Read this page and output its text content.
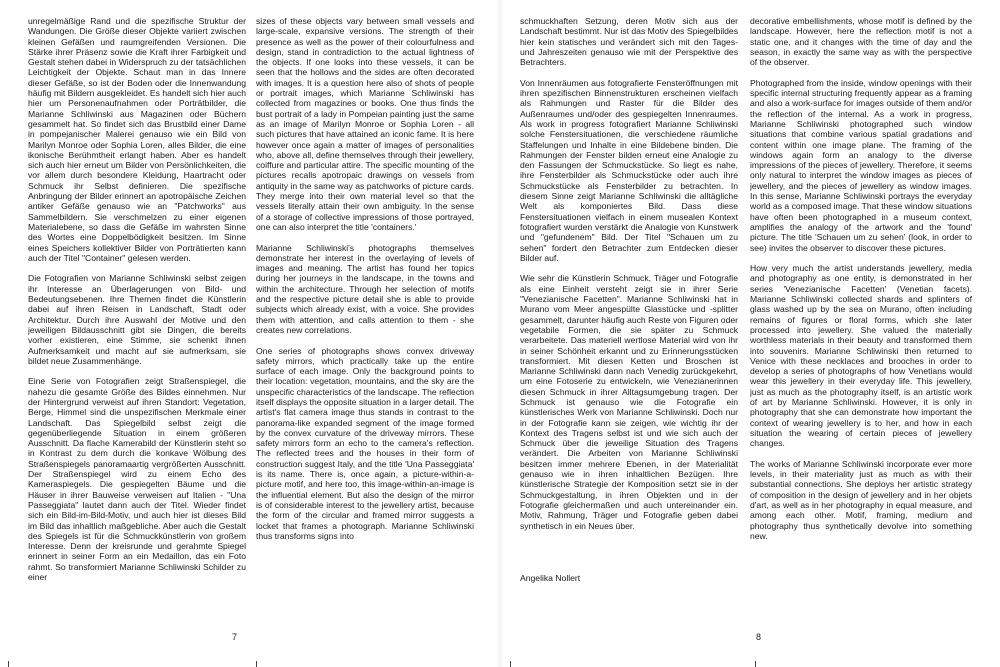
unregelmäßige Rand und die spezifische Struktur der Wandungen. Die Größe dieser Objekte variiert zwischen kleinen Gefäßen und raumgreifenden Versionen. Die Stärke ihrer Präsenz sowie die Kraft ihrer Farbigkeit und Gestalt stehen dabei in Widerspruch zu der tatsächlichen Leichtigkeit der Objekte. Schaut man in das Innere dieser Gefäße, so ist der Boden oder die Innenwandung häufig mit Bildern ausgekleidet. Es handelt sich hier auch hier um Personenaufnahmen oder Porträtbilder, die Marianne Schliwinski aus Magazinen oder Büchern gesammelt hat. So findet sich das Brustbild einer Dame in pompejanischer Malerei genauso wie ein Bild von Marilyn Monroe oder Sophia Loren, alles Bilder, die eine ikonische Berühmtheit erlangt haben. Aber es handelt sich auch hier erneut um Bilder von Persönlichkeiten, die vor allem durch besondere Kleidung, Haartracht oder Schmuck ihr Selbst definieren. Die spezifische Anbringung der Bilder erinnert an apotropäische Zeichen antiker Gefäße genauso wie an "Patchworks" aus Sammelbildern. Sie verschmelzen zu einer eigenen Materialebene, so dass die Gefäße im wahrsten Sinne des Wortes eine Doppelbödigkeit besitzen. Im Sinne eines Speichers kollektiver Bilder von Porträtierten kann auch der Titel "Container" gelesen werden.

Die Fotografien von Marianne Schliwinski selbst zeigen ihr Interesse an Überlagerungen von Bild- und Bedeutungsebenen. Ihre Themen findet die Künstlerin dabei auf ihren Reisen in Landschaft, Stadt oder Architektur. Durch ihre Auswahl der Motive und den jeweiligen Bildausschnitt gibt sie Dingen, die bereits vorher existieren, eine Stimme, sie schenkt ihnen Aufmerksamkeit und macht auf sie aufmerksam, sie bildet neue Zusammenhänge.

Eine Serie von Fotografien zeigt Straßenspiegel, die nahezu die gesamte Größe des Bildes einnehmen. Nur der Hintergrund verweist auf ihren Standort: Vegetation, Berge, Himmel sind die unspezifischen Merkmale einer Landschaft. Das Spiegelbild selbst zeigt die gegenüberliegende Situation in einem größeren Ausschnitt. Da flache Kamerabild der Künstlerin steht so in Kontrast zu dem durch die konkave Wölbung des Straßenspiegels panoramaartig vergrößerten Ausschnitt. Der Straßenspiegel wird zu einem Echo des Kameraspiegels. Die gespiegelten Bäume und die Häuser in ihrer Bauweise verweisen auf Italien - "Una Passeggiata" lautet dann auch der Titel. Wieder findet sich ein Bild-im-Bild-Motiv, und auch hier ist dieses Bild im Bild das inhaltlich maßgebliche. Aber auch die Gestalt des Spiegels ist für die Schmuckkünstlerin von großem Interesse. Denn der kreisrunde und gerahmte Spiegel erinnert in seiner Form an ein Medaillon, das ein Foto rahmt. So transformiert Marianne Schliwinski Schilder zu einer

sizes of these objects vary between small vessels and large-scale, expansive versions. The strength of their presence as well as the power of their colourfulness and design, stand in contradiction to the actual lightness of the objects. If one looks into these vessels, it can be seen that the hollows and the sides are often decorated with images. It is a question here also of shots of people or portrait images, which Marianne Schliwinski has collected from magazines or books. One thus finds the bust portrait of a lady in Pompeian painting just the same as an image of Marilyn Monroe or Sophia Loren - all such pictures that have attained an iconic fame. It is here however once again a matter of images of personalities who, above all, define themselves through their jewellery, coiffure and particular attire. The specific mounting of the pictures recalls apotropaic drawings on vessels from antiquity in the same way as patchworks of picture cards. They merge into their own material level so that the vessels literally attain their own ambiguity. In the sense of a storage of collective impressions of those portrayed, one can also interpret the title 'containers.'

Marianne Schliwinski's photographs themselves demonstrate her interest in the overlaying of levels of images and meaning. The artist has found her topics during her journeys in the landscape, in the towns and within the architecture. Through her selection of motifs and the respective picture detail she is able to provide subjects which already exist, with a voice. She provides them with attention, and calls attention to them - she creates new correlations.

One series of photographs shows convex driveway safety mirrors, which practically take up the entire surface of each image. Only the background points to their location: vegetation, mountains, and the sky are the unspecific characteristics of the landscape. The reflection itself displays the opposite situation in a larger detail. The artist's flat camera image thus stands in contrast to the panorama-like expanded segment of the image formed by the convex curvature of the driveway mirrors. These safety mirrors form an echo to the camera's reflection. The reflected trees and the houses in their form of construction suggest Italy, and the title 'Una Passeggiata' is its name. There is, once again, a picture-within-a-picture motif, and here too, this image-within-an-image is the influential element. But also the design of the mirror is of considerable interest to the jewellery artist, because the form of the circular and framed mirror suggests a locket that frames a photograph. Marianne Schliwinski thus transforms signs into

7

schmuckhaften Setzung, deren Motiv sich aus der Landschaft bestimmt. Nur ist das Motiv des Spiegelbildes hier kein statisches und verändert sich mit den Tages- und Jahreszeiten genauso wie mit der Perspektive des Betrachters.

Von Innenräumen aus fotografierte Fensteröffnungen mit ihren spezifischen Binnenstrukturen erscheinen vielfach als Rahmungen und Raster für die Bilder des Außenraumes und/oder des gespiegelten Innenraumes. Als work in progress fotografiert Marianne Schliwinski solche Fenstersituationen, die verschiedene räumliche Staffelungen und Inhalte in eine Bildebene binden. Die Rahmungen der Fenster bilden erneut eine Analogie zu den Fassungen der Schmuckstücke. So liegt es nahe, ihre Fensterbilder als Schmuckstücke oder auch ihre Schmuckstücke als Fensterbilder zu betrachten. In diesem Sinne zeigt Marianne Schliwinski die alltägliche Welt als komponiertes Bild. Dass diese Fenstersituationen vielfach in einem musealen Kontext fotografiert wurden verstärkt die Analogie von Kunstwerk und "gefundenem" Bild. Der Titel "Schauen um zu sehen" fordert den Betrachter zum Entdecken dieser Bilder auf.

Wie sehr die Künstlerin Schmuck, Träger und Fotografie als eine Einheit versteht zeigt sie in ihrer Serie "Venezianische Facetten". Marianne Schliwinski hat in Murano vom Meer angespülte Glasstücke und -splitter gesammelt, darunter häufig auch Reste von Figuren oder vegetabile Formen, die sie später zu Schmuck verarbeitete. Das materiell wertlose Material wird von ihr in seiner Schönheit erkannt und zu Erinnerungsstücken transformiert. Mit diesen Ketten und Broschen ist Marianne Schliwinski dann nach Venedig zurückgekehrt, um eine Fotoserie zu entwickeln, wie Venezianerinnen diesen Schmuck in ihrer Alltagsumgebung tragen. Der Schmuck ist genauso wie die Fotografie ein künstlerisches Werk von Marianne Schliwinski. Doch nur in der Fotografie kann sie zeigen, wie wichtig ihr der Kontext des Tragens selbst ist und wie sich auch der Schmuck über die jeweilige Situation des Tragens verändert. Die Arbeiten von Marianne Schliwinski besitzen immer mehrere Ebenen, in der Materialität genauso wie in ihren inhaltlichen Bezügen. Ihre künstlerische Strategie der Komposition setzt sie in der Schmuckgestaltung, in ihren Objekten und in der Fotografie gleichermaßen und auch untereinander ein. Motiv, Rahmung, Träger und Fotografie geben dabei synthetisch in ein Neues über.

Angelika Nollert

decorative embellishments, whose motif is defined by the landscape. However, here the reflection motif is not a static one, and it changes with the time of day and the season, in exactly the same way as with the perspective of the observer.

Photographed from the inside, window openings with their specific internal structuring frequently appear as a framing and also a work-surface for images outside of them and/or the reflection of the internal. As a work in progress, Marianne Schliwinski photographed such window situations that combine various spatial gradations and content within one image plane. The framing of the windows again form an analogy to the diverse impressions of the pieces of jewellery. Therefore, it seems only natural to interpret the window images as pieces of jewellery, and the pieces of jewellery as window images. In this sense, Marianne Schliwinski portrays the everyday world as a composed image. That these window situations have often been photographed in a museum context, amplifies the analogy of the artwork and the 'found' picture. The title 'Schauen um zu sehen' (look, in order to see) invites the observer to discover these pictures.

How very much the artist understands jewellery, media and photography as one entity, is demonstrated in her series 'Venezianische Facetten' (Venetian facets). Marianne Schliwinski collected shards and splinters of glass washed up by the sea on Murano, often including remains of figures or floral forms, which she later processed into jewellery. She valued the materially worthless materials in their beauty and transformed them into souvenirs. Marianne Schliwinski then returned to Venice with these necklaces and brooches in order to develop a series of photographs of how Venetians would wear this jewellery in their everyday life. This jewellery, just as much as the photography itself, is an artistic work of art by Marianne Schliwinski. However, it is only in photography that she can demonstrate how important the context of wearing jewellery is to her, and how in each situation the wearing of certain pieces of jewellery changes.

The works of Marianne Schliwinski incorporate ever more levels, in their materiality just as much as with their substantial connections. She deploys her artistic strategy of composition in the design of jewellery and in her objets d'art, as well as in her photography in equal measure, and among each other. Motif, framing, medium and photography thus synthetically devolve into something new.

8
